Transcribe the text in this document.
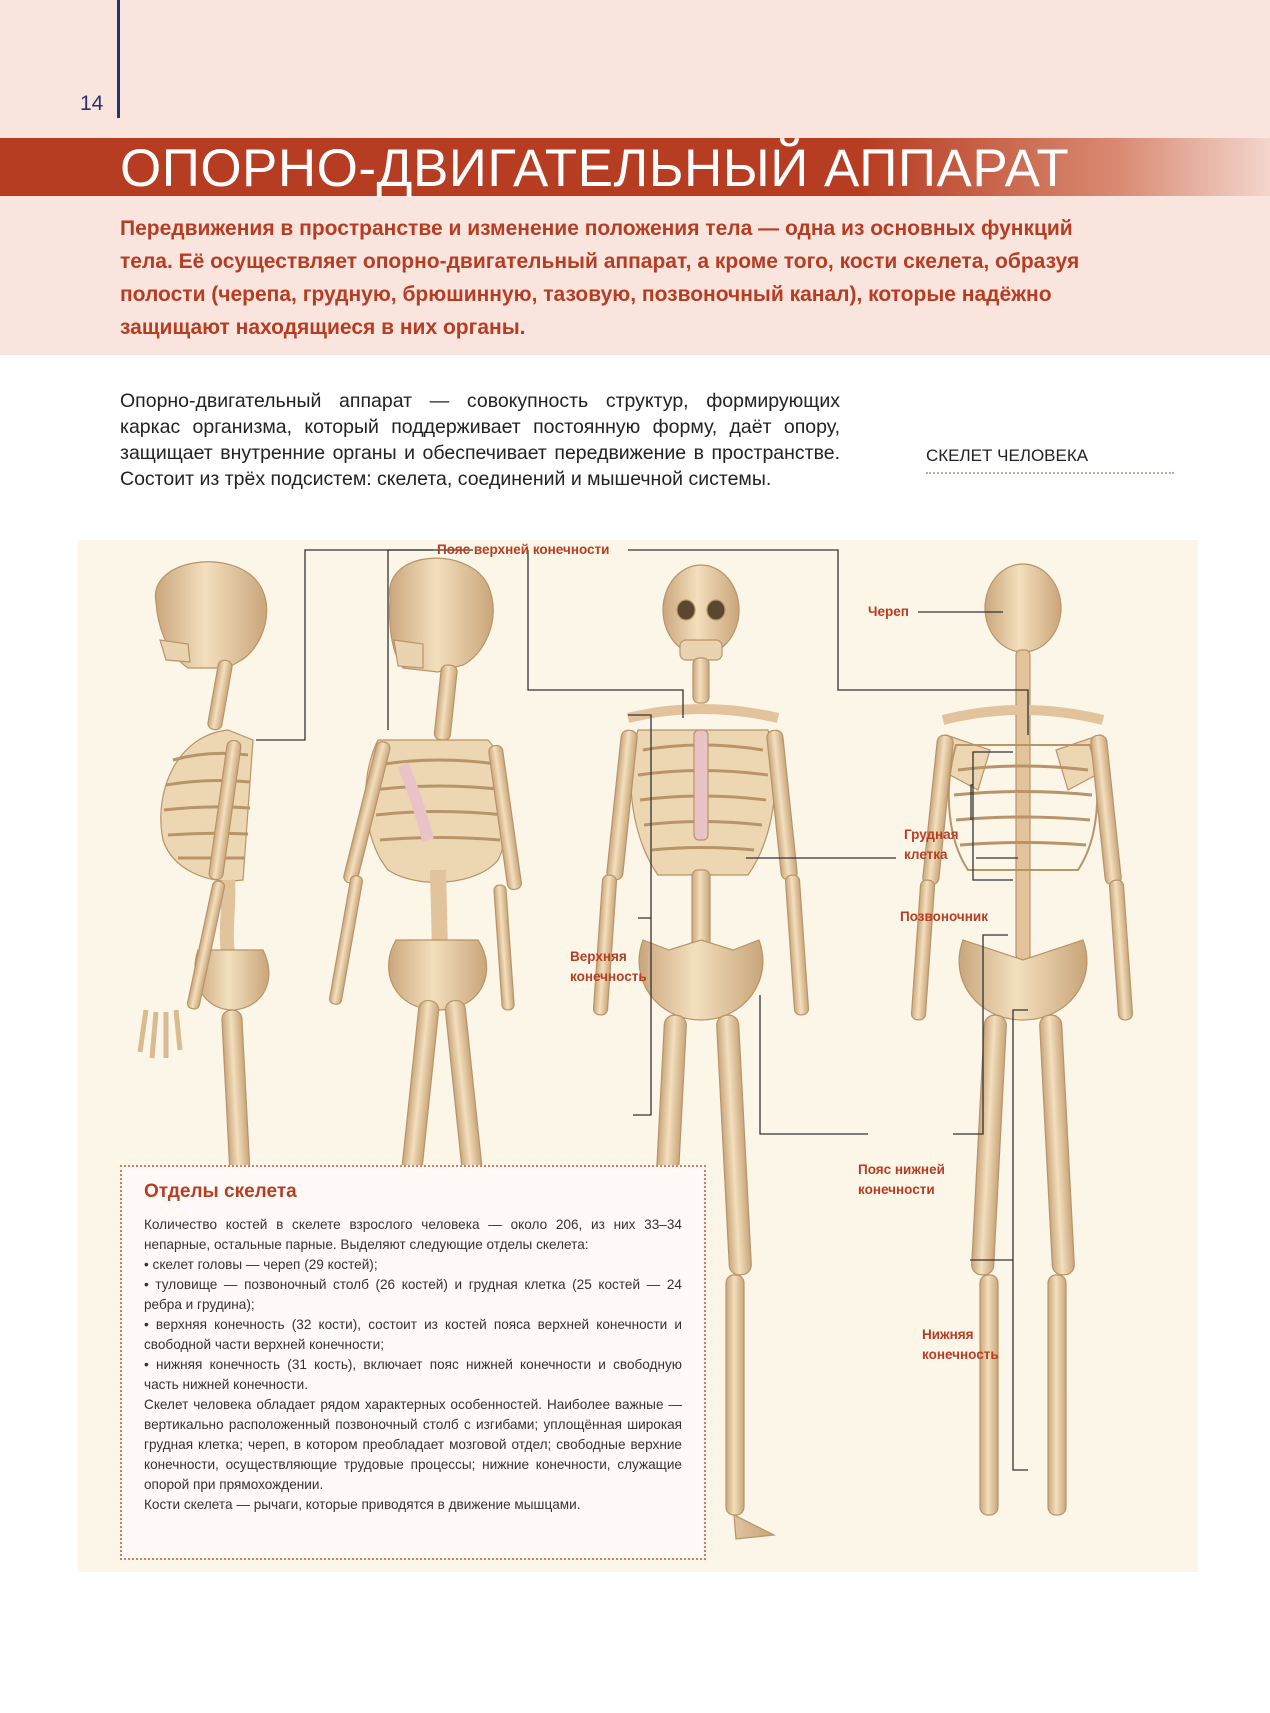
14
ОПОРНО-ДВИГАТЕЛЬНЫЙ АППАРАТ
Передвижения в пространстве и изменение положения тела — одна из основных функций тела. Её осуществляет опорно-двигательный аппарат, а кроме того, кости скелета, образуя полости (черепа, грудную, брюшинную, тазовую, позвоночный канал), которые надёжно защищают находящиеся в них органы.
Опорно-двигательный аппарат — совокупность структур, формирующих каркас организма, который поддерживает постоянную форму, даёт опору, защищает внутренние органы и обеспечивает передвижение в пространстве. Состоит из трёх подсистем: скелета, соединений и мышечной системы.
СКЕЛЕТ ЧЕЛОВЕКА
Пояс верхней конечности
Череп
Грудная
клетка
Позвоночник
Верхняя
конечность
Пояс нижней
конечности
Нижняя
конечность
Отделы скелета

Количество костей в скелете взрослого человека — около 206, из них 33–34 непарные, остальные парные. Выделяют следующие отделы скелета:

• скелет головы — череп (29 костей);

• туловище — позвоночный столб (26 костей) и грудная клетка (25 костей — 24 ребра и грудина);

• верхняя конечность (32 кости), состоит из костей пояса верхней конечности и свободной части верхней конечности;

• нижняя конечность (31 кость), включает пояс нижней конечности и свободную часть нижней конечности.

Скелет человека обладает рядом характерных особенностей. Наиболее важные — вертикально расположенный позвоночный столб с изгибами; уплощённая широкая грудная клетка; череп, в котором преобладает мозговой отдел; свободные верхние конечности, осуществляющие трудовые процессы; нижние конечности, служащие опорой при прямохождении.

Кости скелета — рычаги, которые приводятся в движение мышцами.
